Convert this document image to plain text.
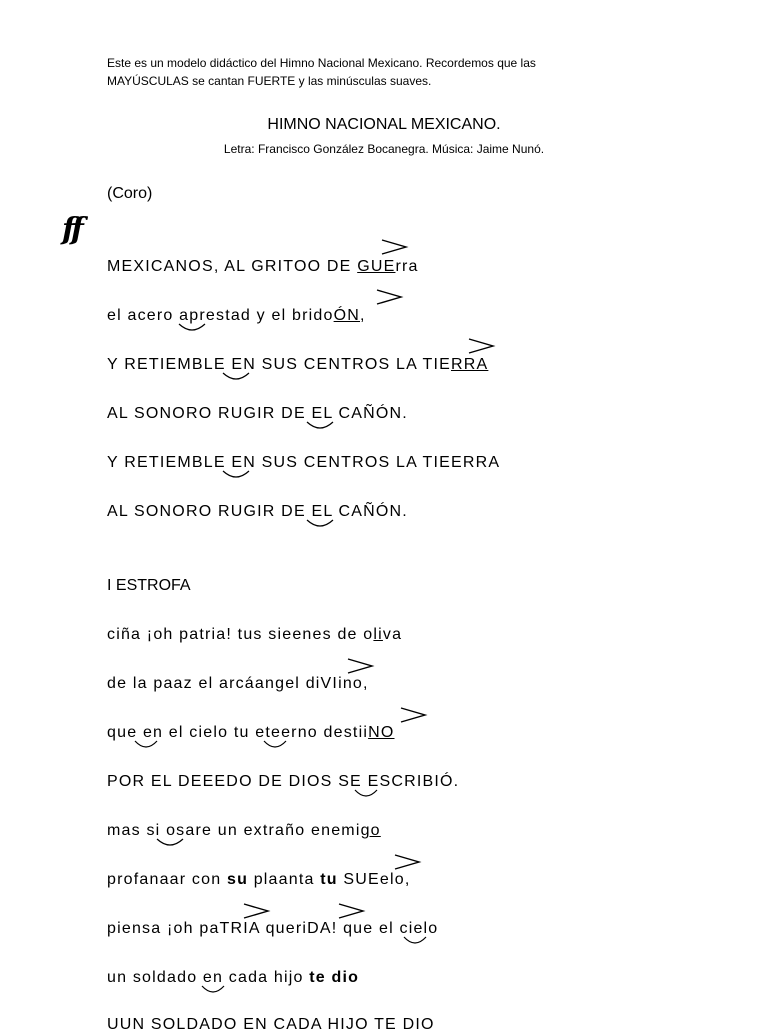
Este es un modelo didáctico del Himno Nacional Mexicano. Recordemos que las
MAYÚSCULAS se cantan FUERTE y las minúsculas suaves.
HIMNO NACIONAL MEXICANO.
Letra: Francisco González Bocanegra. Música: Jaime Nunó.
(Coro)
ff
MEXICANOS, AL GRITOO DE GUErra
el acero aprestad y el bridoÓN,
Y RETIEMBLE EN SUS CENTROS LA TIERRA
AL SONORO RUGIR DE EL CAÑÓN.
Y RETIEMBLE EN SUS CENTROS LA TIEERRA
AL SONORO RUGIR DE EL CAÑÓN.
I ESTROFA
ciña ¡oh patria! tus sieenes de oliva
de la paaz el arcáangel diVIino,
que en el cielo tu eteerno destiiNO
POR EL DEEEDO DE DIOS SE ESCRIBIÓ.
mas si osare un extraño enemigo
profanaar con su plaanta tu SUEelo,
piensa ¡oh paTRIA queriDA! que el cielo
un soldado en cada hijo te dio
UUN SOLDADO EN CADA HIJO TE DIO
